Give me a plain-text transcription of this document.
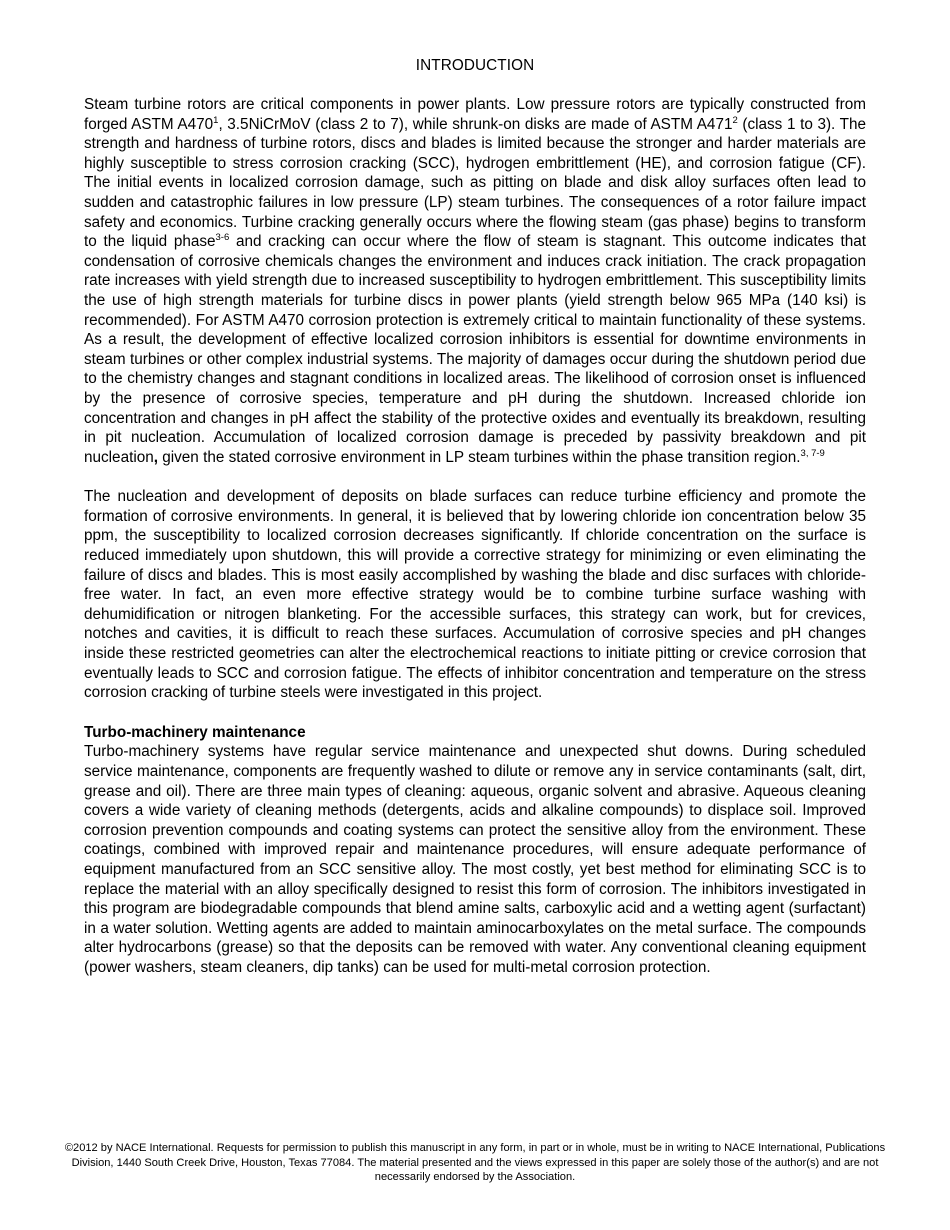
INTRODUCTION

Steam turbine rotors are critical components in power plants. Low pressure rotors are typically constructed from forged ASTM $A470^1$, 3.5NiCrMoV (class 2 to 7), while shrunk-on disks are made of ASTM $A471^2$ (class 1 to 3). The strength and hardness of turbine rotors, discs and blades is limited because the stronger and harder materials are highly susceptible to stress corrosion cracking (SCC), hydrogen embrittlement (HE), and corrosion fatigue (CF). The initial events in localized corrosion damage, such as pitting on blade and disk alloy surfaces often lead to sudden and catastrophic failures in low pressure (LP) steam turbines. The consequences of a rotor failure impact safety and economics. Turbine cracking generally occurs where the flowing steam (gas phase) begins to transform to the liquid phase$^{3-6}$ and cracking can occur where the flow of steam is stagnant. This outcome indicates that condensation of corrosive chemicals changes the environment and induces crack initiation. The crack propagation rate increases with yield strength due to increased susceptibility to hydrogen embrittlement. This susceptibility limits the use of high strength materials for turbine discs in power plants (yield strength below 965 MPa (140 ksi) is recommended). For ASTM A470 corrosion protection is extremely critical to maintain functionality of these systems. As a result, the development of effective localized corrosion inhibitors is essential for downtime environments in steam turbines or other complex industrial systems. The majority of damages occur during the shutdown period due to the chemistry changes and stagnant conditions in localized areas. The likelihood of corrosion onset is influenced by the presence of corrosive species, temperature and pH during the shutdown. Increased chloride ion concentration and changes in pH affect the stability of the protective oxides and eventually its breakdown, resulting in pit nucleation. Accumulation of localized corrosion damage is preceded by passivity breakdown and pit nucleation, given the stated corrosive environment in LP steam turbines within the phase transition region.$^{3, 7-9}$

The nucleation and development of deposits on blade surfaces can reduce turbine efficiency and promote the formation of corrosive environments. In general, it is believed that by lowering chloride ion concentration below 35 ppm, the susceptibility to localized corrosion decreases significantly. If chloride concentration on the surface is reduced immediately upon shutdown, this will provide a corrective strategy for minimizing or even eliminating the failure of discs and blades. This is most easily accomplished by washing the blade and disc surfaces with chloride-free water. In fact, an even more effective strategy would be to combine turbine surface washing with dehumidification or nitrogen blanketing. For the accessible surfaces, this strategy can work, but for crevices, notches and cavities, it is difficult to reach these surfaces. Accumulation of corrosive species and pH changes inside these restricted geometries can alter the electrochemical reactions to initiate pitting or crevice corrosion that eventually leads to SCC and corrosion fatigue. The effects of inhibitor concentration and temperature on the stress corrosion cracking of turbine steels were investigated in this project.

Turbo-machinery maintenance

Turbo-machinery systems have regular service maintenance and unexpected shut downs. During scheduled service maintenance, components are frequently washed to dilute or remove any in service contaminants (salt, dirt, grease and oil). There are three main types of cleaning: aqueous, organic solvent and abrasive. Aqueous cleaning covers a wide variety of cleaning methods (detergents, acids and alkaline compounds) to displace soil. Improved corrosion prevention compounds and coating systems can protect the sensitive alloy from the environment. These coatings, combined with improved repair and maintenance procedures, will ensure adequate performance of equipment manufactured from an SCC sensitive alloy. The most costly, yet best method for eliminating SCC is to replace the material with an alloy specifically designed to resist this form of corrosion. The inhibitors investigated in this program are biodegradable compounds that blend amine salts, carboxylic acid and a wetting agent (surfactant) in a water solution. Wetting agents are added to maintain aminocarboxylates on the metal surface. The compounds alter hydrocarbons (grease) so that the deposits can be removed with water. Any conventional cleaning equipment (power washers, steam cleaners, dip tanks) can be used for multi-metal corrosion protection.

©2012 by NACE International. Requests for permission to publish this manuscript in any form, in part or in whole, must be in writing to NACE International, Publications Division, 1440 South Creek Drive, Houston, Texas 77084. The material presented and the views expressed in this paper are solely those of the author(s) and are not necessarily endorsed by the Association.
